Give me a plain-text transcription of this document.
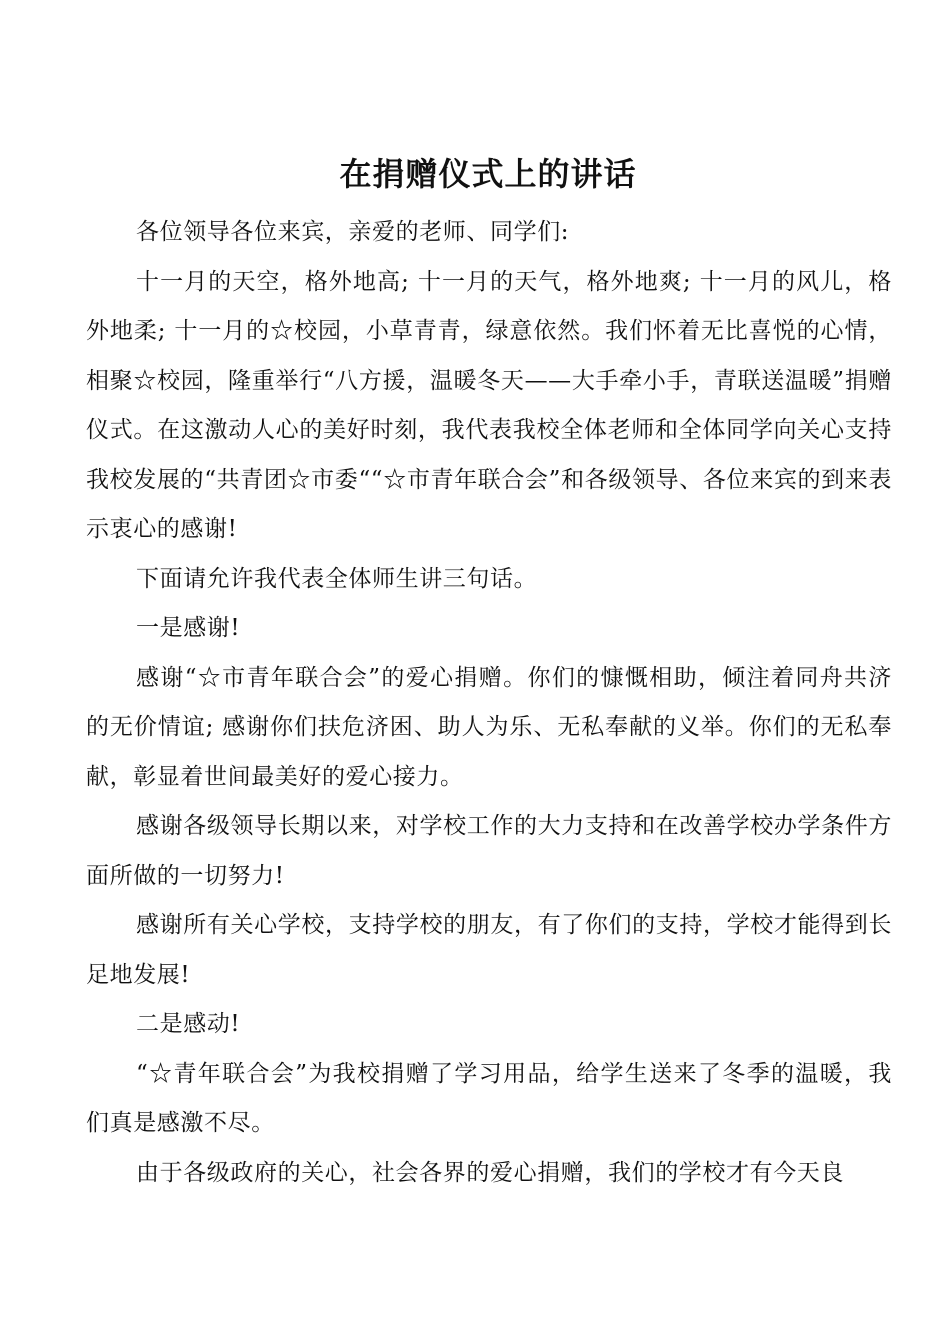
在捐赠仪式上的讲话

各位领导各位来宾，亲爱的老师、同学们:

十一月的天空，格外地高; 十一月的天气，格外地爽; 十一月的风儿，格外地柔; 十一月的☆校园，小草青青，绿意依然。我们怀着无比喜悦的心情，相聚☆校园，隆重举行“八方援，温暖冬天——大手牵小手，青联送温暖”捐赠仪式。在这激动人心的美好时刻，我代表我校全体老师和全体同学向关心支持我校发展的“共青团☆市委““☆市青年联合会”和各级领导、各位来宾的到来表示衷心的感谢!

下面请允许我代表全体师生讲三句话。

一是感谢!

感谢“☆市青年联合会”的爱心捐赠。你们的慷慨相助，倾注着同舟共济的无价情谊; 感谢你们扶危济困、助人为乐、无私奉献的义举。你们的无私奉献，彰显着世间最美好的爱心接力。

感谢各级领导长期以来，对学校工作的大力支持和在改善学校办学条件方面所做的一切努力!

感谢所有关心学校，支持学校的朋友，有了你们的支持，学校才能得到长足地发展!

二是感动!

“☆青年联合会”为我校捐赠了学习用品，给学生送来了冬季的温暖，我们真是感激不尽。

由于各级政府的关心，社会各界的爱心捐赠，我们的学校才有今天良
